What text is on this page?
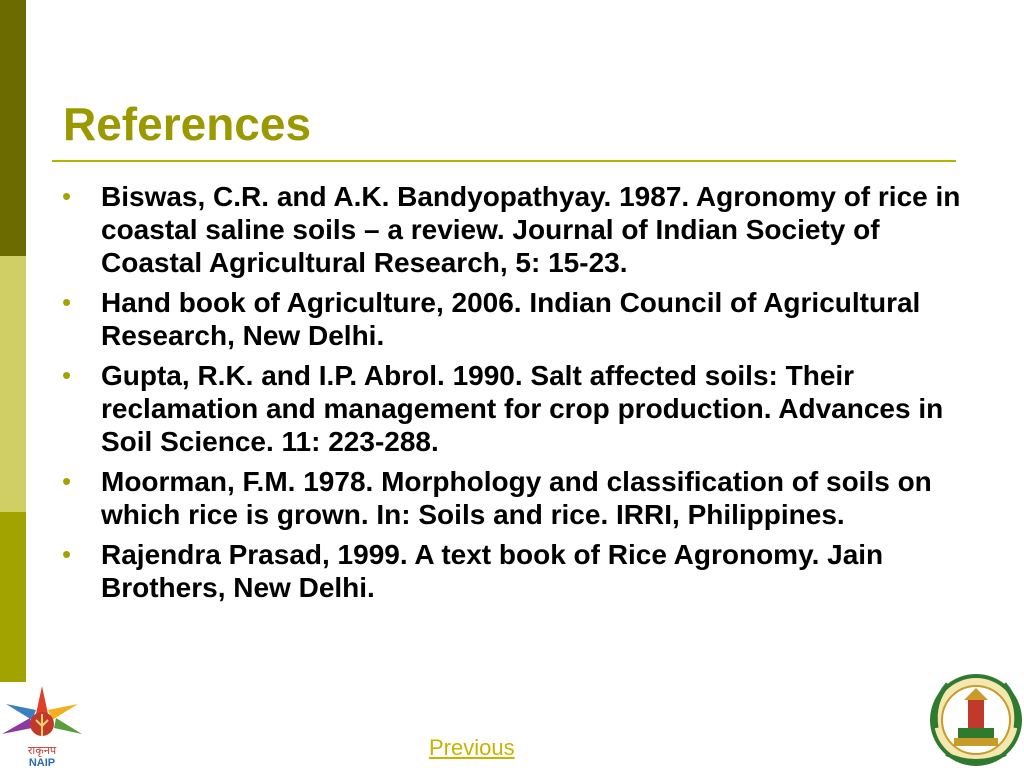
References
• Biswas, C.R. and A.K. Bandyopathyay. 1987. Agronomy of rice in coastal saline soils – a review. Journal of Indian Society of Coastal Agricultural Research, 5: 15-23.
• Hand book of Agriculture, 2006. Indian Council of Agricultural Research, New Delhi.
• Gupta, R.K. and I.P. Abrol. 1990. Salt affected soils: Their reclamation and management for crop production. Advances in Soil Science. 11: 223-288.
• Moorman, F.M. 1978. Morphology and classification of soils on which rice is grown. In: Soils and rice. IRRI, Philippines.
• Rajendra Prasad, 1999. A text book of Rice Agronomy. Jain Brothers, New Delhi.
राकृनप
NAIP
Previous
